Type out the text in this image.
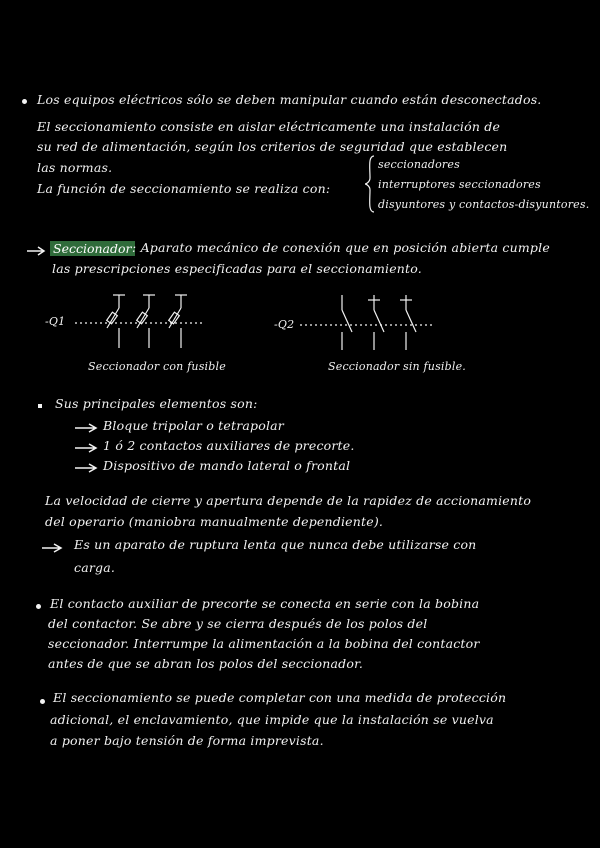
Los equipos eléctricos sólo se deben manipular cuando están desconectados.
El seccionamiento consiste en aislar eléctricamente una instalación de
su red de alimentación, según los criterios de seguridad que establecen
las normas.
La función de seccionamiento se realiza con:
seccionadores
interruptores seccionadores
disyuntores y contactos-disyuntores.
Seccionador : Aparato mecánico de conexión que en posición abierta cumple
las prescripciones especificadas para el seccionamiento.
-Q1
Seccionador con fusible
-Q2
Seccionador sin fusible.
Sus principales elementos son:
Bloque tripolar o tetrapolar
1 ó 2 contactos auxiliares de precorte.
Dispositivo de mando lateral o frontal
La velocidad de cierre y apertura depende de la rapidez de accionamiento
del operario (maniobra manualmente dependiente).
Es un aparato de ruptura lenta que nunca debe utilizarse con
carga.
El contacto auxiliar de precorte se conecta en serie con la bobina
del contactor. Se abre y se cierra después de los polos del
seccionador. Interrumpe la alimentación a la bobina del contactor
antes de que se abran los polos del seccionador.
El seccionamiento se puede completar con una medida de protección
adicional, el enclavamiento, que impide que la instalación se vuelva
a poner bajo tensión de forma imprevista.
